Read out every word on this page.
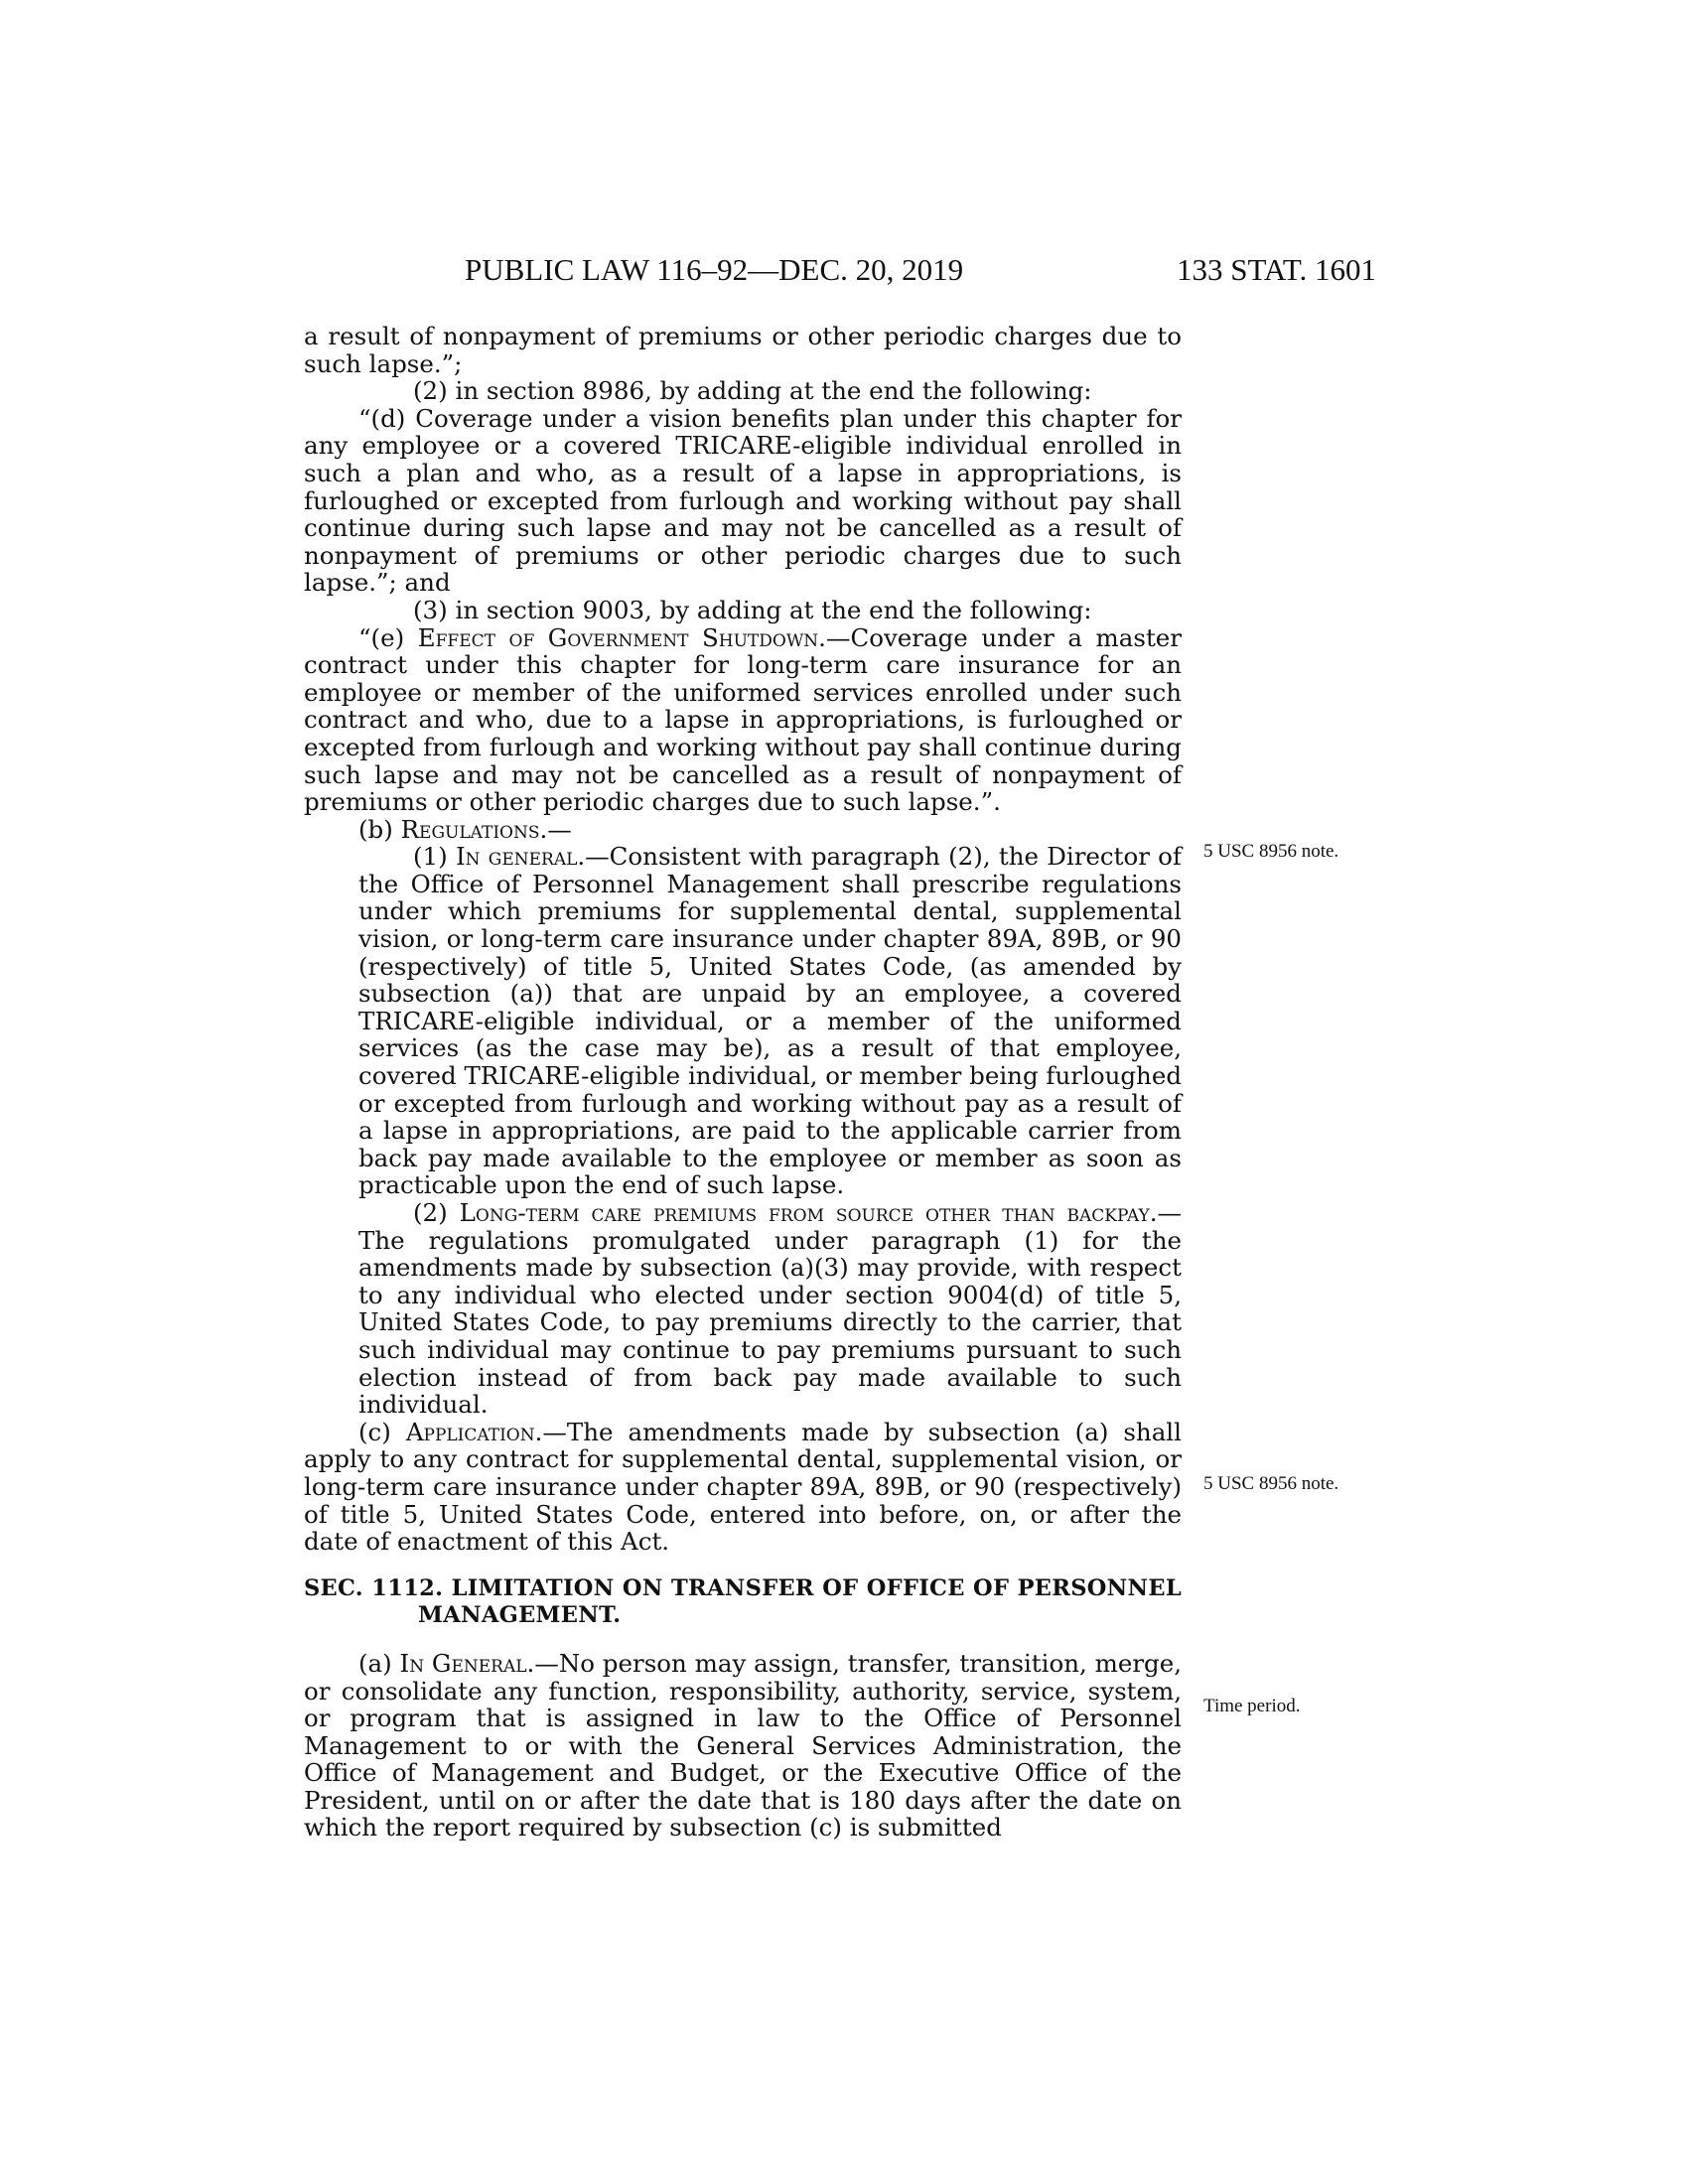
PUBLIC LAW 116–92—DEC. 20, 2019	133 STAT. 1601

a result of nonpayment of premiums or other periodic charges due to such lapse.”;

(2) in section 8986, by adding at the end the following:

“(d) Coverage under a vision benefits plan under this chapter for any employee or a covered TRICARE-eligible individual enrolled in such a plan and who, as a result of a lapse in appropriations, is furloughed or excepted from furlough and working without pay shall continue during such lapse and may not be cancelled as a result of nonpayment of premiums or other periodic charges due to such lapse.”; and

(3) in section 9003, by adding at the end the following:

“(e) Effect of Government Shutdown.—Coverage under a master contract under this chapter for long-term care insurance for an employee or member of the uniformed services enrolled under such contract and who, due to a lapse in appropriations, is furloughed or excepted from furlough and working without pay shall continue during such lapse and may not be cancelled as a result of nonpayment of premiums or other periodic charges due to such lapse.”.

(b) Regulations.—

(1) In general.—Consistent with paragraph (2), the Director of the Office of Personnel Management shall prescribe regulations under which premiums for supplemental dental, supplemental vision, or long-term care insurance under chapter 89A, 89B, or 90 (respectively) of title 5, United States Code, (as amended by subsection (a)) that are unpaid by an employee, a covered TRICARE-eligible individual, or a member of the uniformed services (as the case may be), as a result of that employee, covered TRICARE-eligible individual, or member being furloughed or excepted from furlough and working without pay as a result of a lapse in appropriations, are paid to the applicable carrier from back pay made available to the employee or member as soon as practicable upon the end of such lapse.

(2) Long-term care premiums from source other than backpay.—The regulations promulgated under paragraph (1) for the amendments made by subsection (a)(3) may provide, with respect to any individual who elected under section 9004(d) of title 5, United States Code, to pay premiums directly to the carrier, that such individual may continue to pay premiums pursuant to such election instead of from back pay made available to such individual.

(c) Application.—The amendments made by subsection (a) shall apply to any contract for supplemental dental, supplemental vision, or long-term care insurance under chapter 89A, 89B, or 90 (respectively) of title 5, United States Code, entered into before, on, or after the date of enactment of this Act.

SEC. 1112. LIMITATION ON TRANSFER OF OFFICE OF PERSONNEL MANAGEMENT.

(a) In General.—No person may assign, transfer, transition, merge, or consolidate any function, responsibility, authority, service, system, or program that is assigned in law to the Office of Personnel Management to or with the General Services Administration, the Office of Management and Budget, or the Executive Office of the President, until on or after the date that is 180 days after the date on which the report required by subsection (c) is submitted

5 USC 8956 note.
5 USC 8956 note.
Time period.
